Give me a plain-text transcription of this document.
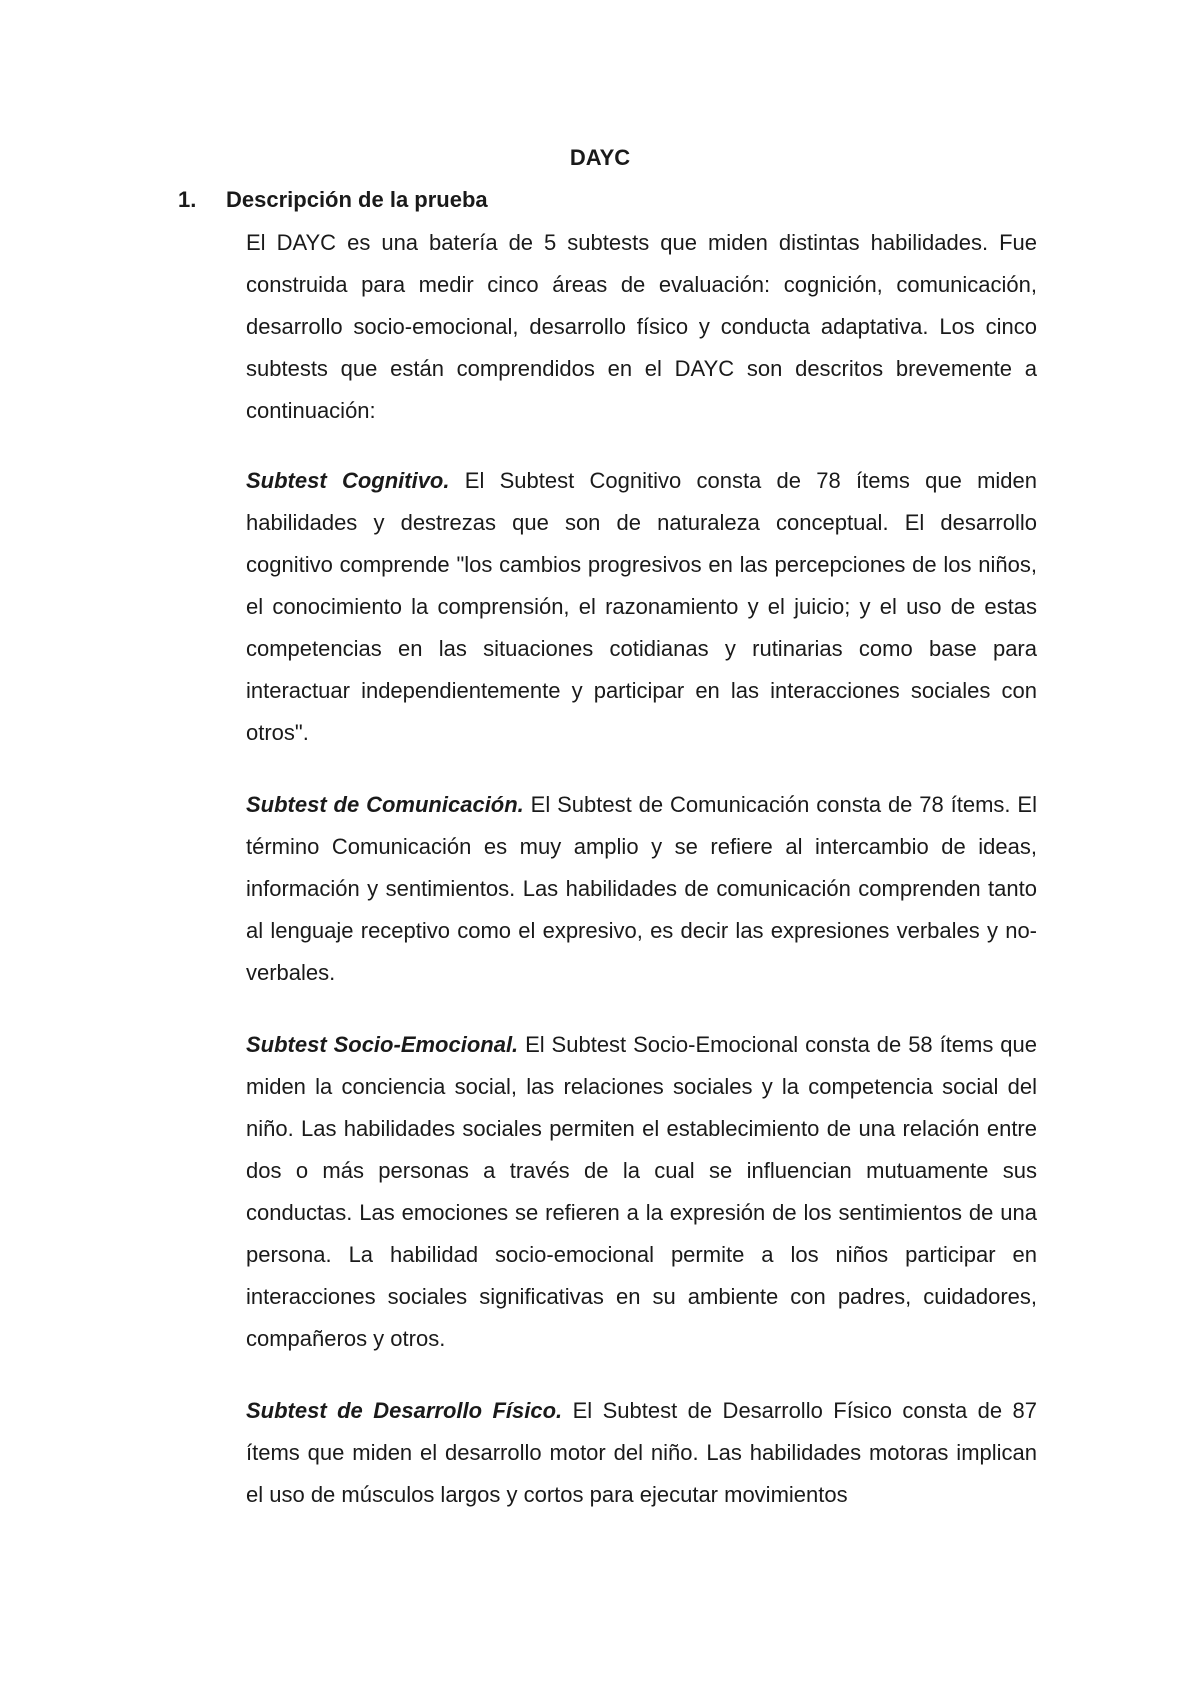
DAYC
1. Descripción de la prueba

El DAYC es una batería de 5 subtests que miden distintas habilidades. Fue construida para medir cinco áreas de evaluación: cognición, comunicación, desarrollo socio-emocional, desarrollo físico y conducta adaptativa. Los cinco subtests que están comprendidos en el DAYC son descritos brevemente a continuación:

Subtest Cognitivo. El Subtest Cognitivo consta de 78 ítems que miden habilidades y destrezas que son de naturaleza conceptual. El desarrollo cognitivo comprende "los cambios progresivos en las percepciones de los niños, el conocimiento la comprensión, el razonamiento y el juicio; y el uso de estas competencias en las situaciones cotidianas y rutinarias como base para interactuar independientemente y participar en las interacciones sociales con otros".

Subtest de Comunicación. El Subtest de Comunicación consta de 78 ítems. El término Comunicación es muy amplio y se refiere al intercambio de ideas, información y sentimientos. Las habilidades de comunicación comprenden tanto al lenguaje receptivo como el expresivo, es decir las expresiones verbales y no-verbales.

Subtest Socio-Emocional. El Subtest Socio-Emocional consta de 58 ítems que miden la conciencia social, las relaciones sociales y la competencia social del niño. Las habilidades sociales permiten el establecimiento de una relación entre dos o más personas a través de la cual se influencian mutuamente sus conductas. Las emociones se refieren a la expresión de los sentimientos de una persona. La habilidad socio-emocional permite a los niños participar en interacciones sociales significativas en su ambiente con padres, cuidadores, compañeros y otros.

Subtest de Desarrollo Físico. El Subtest de Desarrollo Físico consta de 87 ítems que miden el desarrollo motor del niño. Las habilidades motoras implican el uso de músculos largos y cortos para ejecutar movimientos
